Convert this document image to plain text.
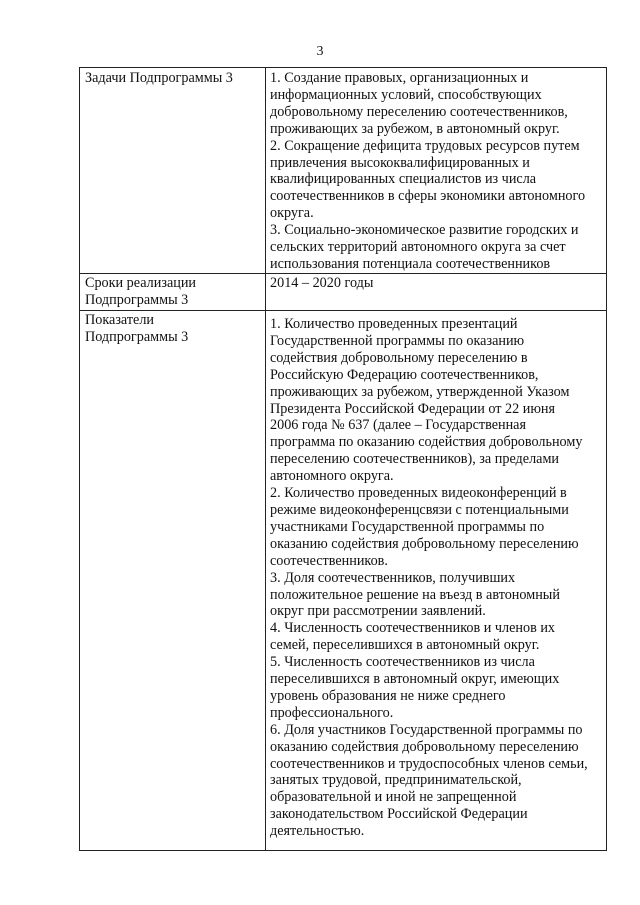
3
Задачи Подпрограммы 3	1. Создание правовых, организационных и
информационных условий, способствующих
добровольному переселению соотечественников,
проживающих за рубежом, в автономный округ.
2. Сокращение дефицита трудовых ресурсов путем
привлечения высококвалифицированных и
квалифицированных специалистов из числа
соотечественников в сферы экономики автономного
округа.
3. Социально-экономическое развитие городских и
сельских территорий автономного округа за счет
использования потенциала соотечественников
Сроки реализации
Подпрограммы 3
2014 – 2020 годы
Показатели
Подпрограммы 3
1. Количество проведенных презентаций
Государственной программы по оказанию
содействия добровольному переселению в
Российскую Федерацию соотечественников,
проживающих за рубежом, утвержденной Указом
Президента Российской Федерации от 22 июня
2006 года № 637 (далее – Государственная
программа по оказанию содействия добровольному
переселению соотечественников), за пределами
автономного округа.
2. Количество проведенных видеоконференций в
режиме видеоконференцсвязи с потенциальными
участниками Государственной программы по
оказанию содействия добровольному переселению
соотечественников.
3. Доля соотечественников, получивших
положительное решение на въезд в автономный
округ при рассмотрении заявлений.
4. Численность соотечественников и членов их
семей, переселившихся в автономный округ.
5. Численность соотечественников из числа
переселившихся в автономный округ, имеющих
уровень образования не ниже среднего
профессионального.
6. Доля участников Государственной программы по
оказанию содействия добровольному переселению
соотечественников и трудоспособных членов семьи,
занятых трудовой, предпринимательской,
образовательной и иной не запрещенной
законодательством Российской Федерации
деятельностью.
